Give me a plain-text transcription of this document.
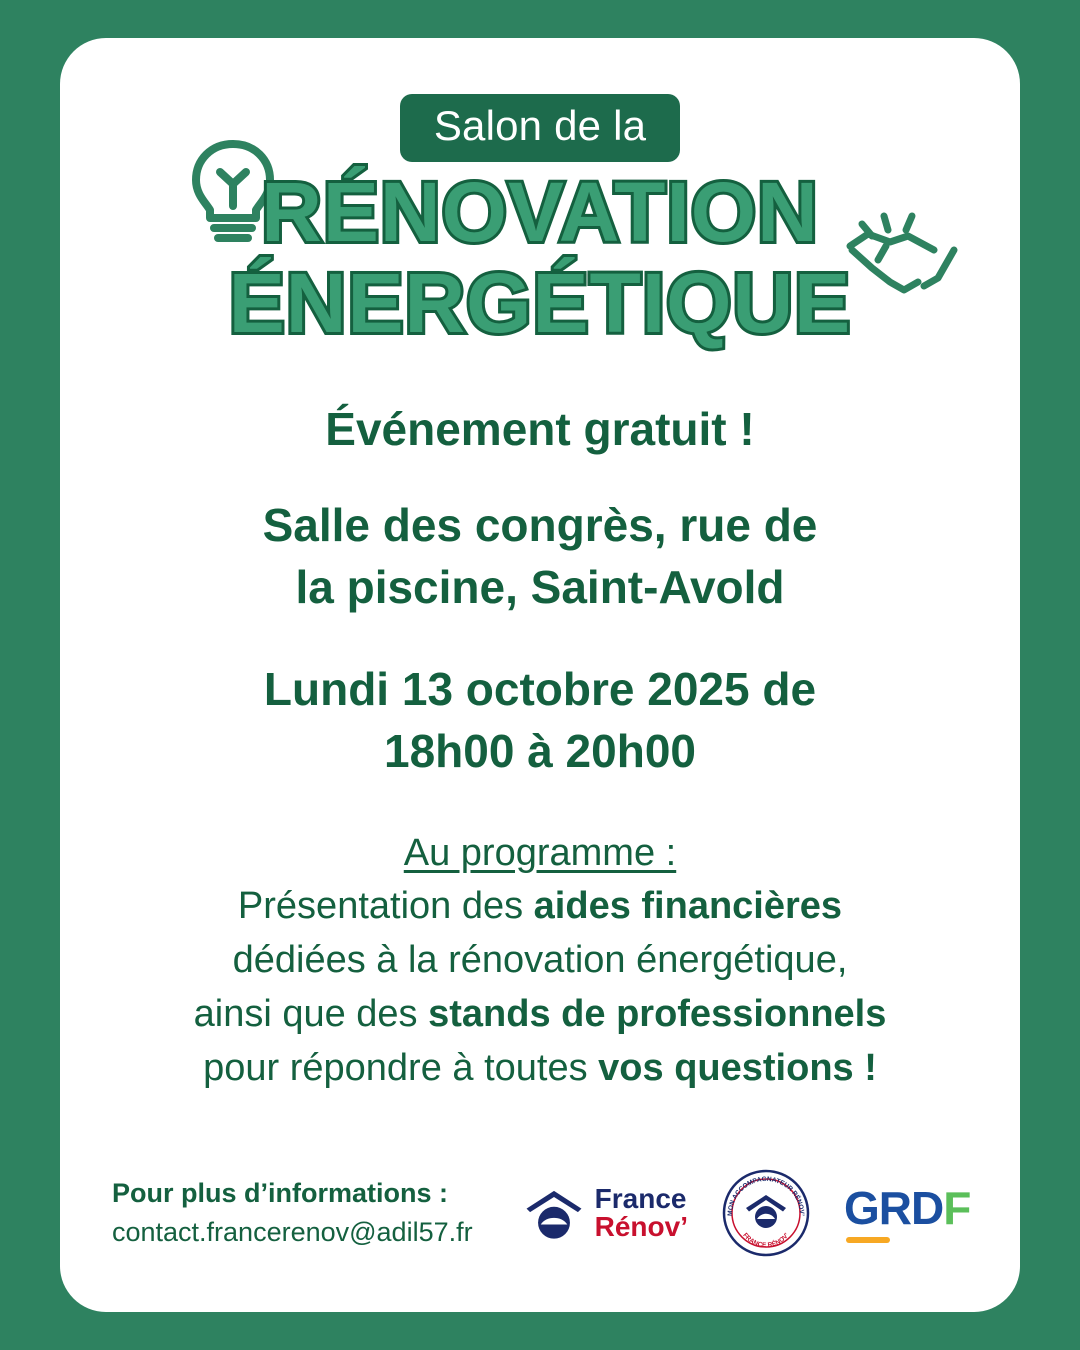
Salon de la
RÉNOVATION
ÉNERGÉTIQUE
Événement gratuit !
Salle des congrès, rue de
la piscine, Saint-Avold
Lundi 13 octobre 2025 de
18h00 à 20h00
Au programme :
Présentation des aides financières
dédiées à la rénovation énergétique,
ainsi que des stands de professionnels
pour répondre à toutes vos questions !
Pour plus d’informations :
contact.francerenov@adil57.fr
France
Rénov’	MON ACCOMPAGNATEUR RÉNOV’
FRANCE RÉNOV’
GRDF
